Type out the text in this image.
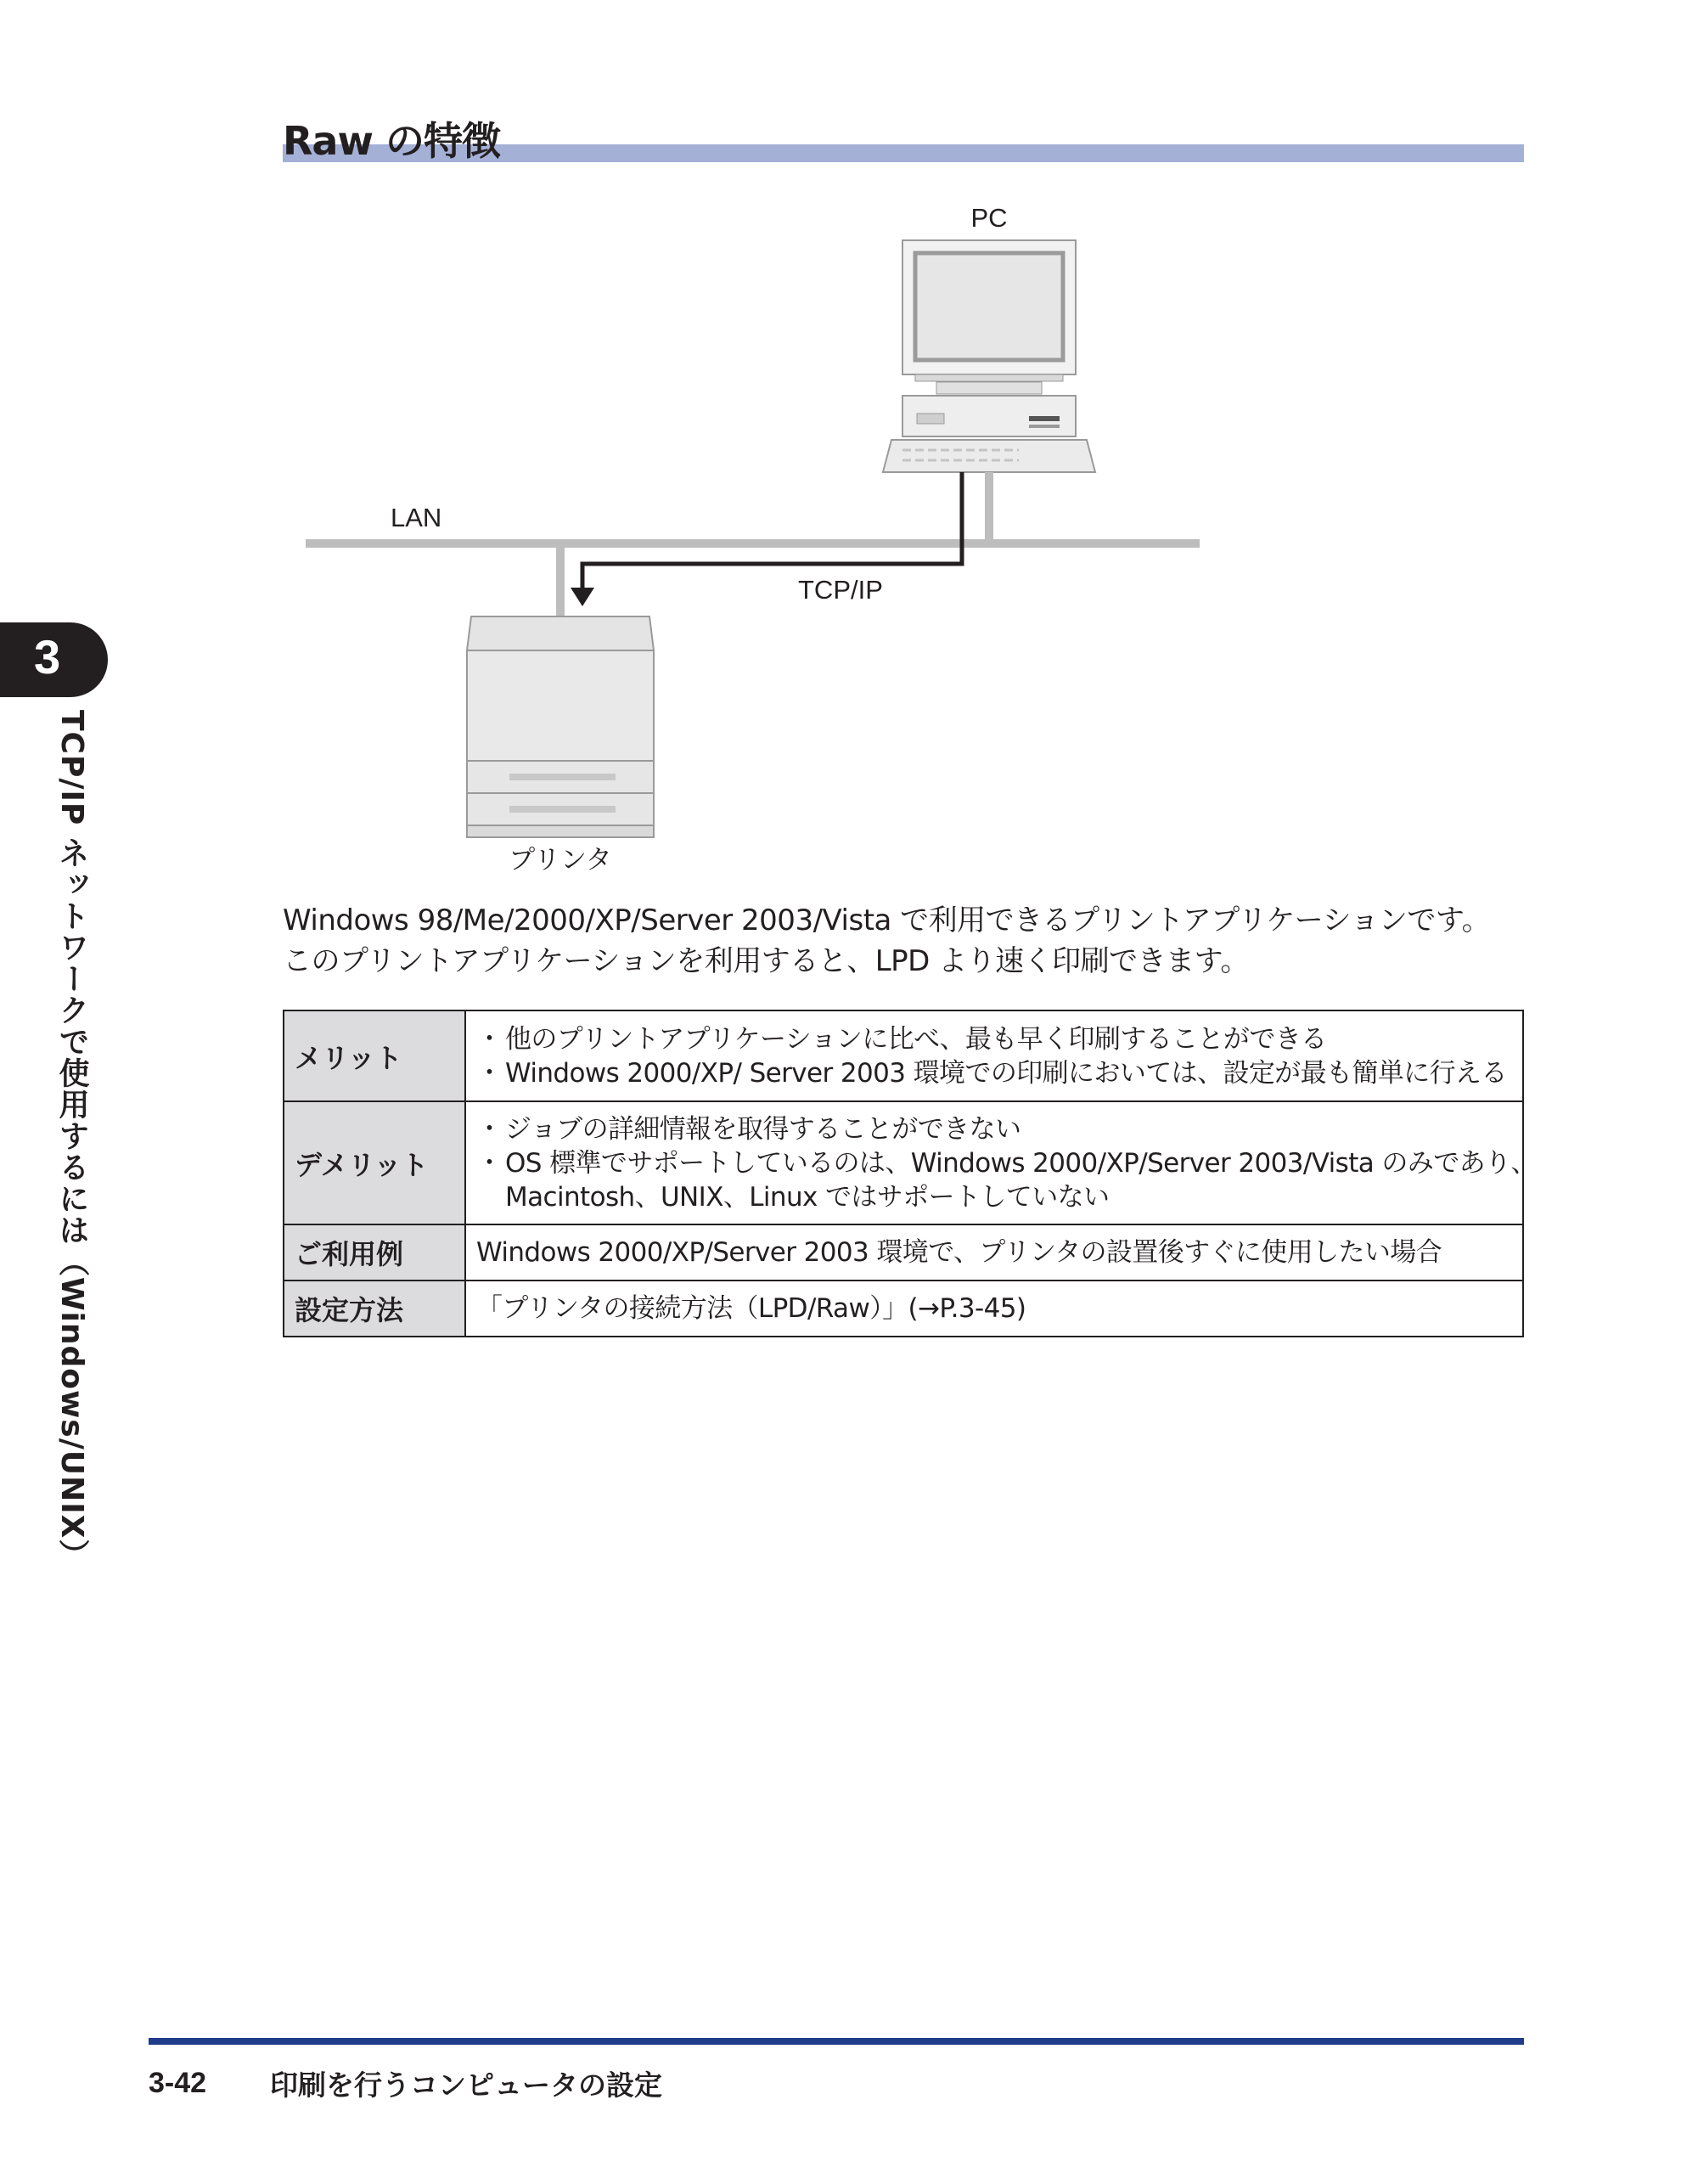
Raw の特徴
PC
LAN
TCP/IP
プリンタ
Windows 98/Me/2000/XP/Server 2003/Vista で利用できるプリントアプリケーションです。
このプリントアプリケーションを利用すると、LPD より速く印刷できます。
メリット	・ 他のプリントアプリケーションに比べ、最も早く印刷することができる
・ Windows 2000/XP/ Server 2003 環境での印刷においては、設定が最も簡単に行える

デメリット	・ ジョブの詳細情報を取得することができない
・ OS 標準でサポートしているのは、Windows 2000/XP/Server 2003/Vista のみであり、
Macintosh、UNIX、Linux ではサポートしていない

ご利用例	Windows 2000/XP/Server 2003 環境で、プリンタの設置後すぐに使用したい場合

設定方法	「プリンタの接続方法（LPD/Raw）」(→P.3-45)
3
TCP/IP ネットワークで使用するには（Windows/UNIX）
3-42 印刷を行うコンピュータの設定
